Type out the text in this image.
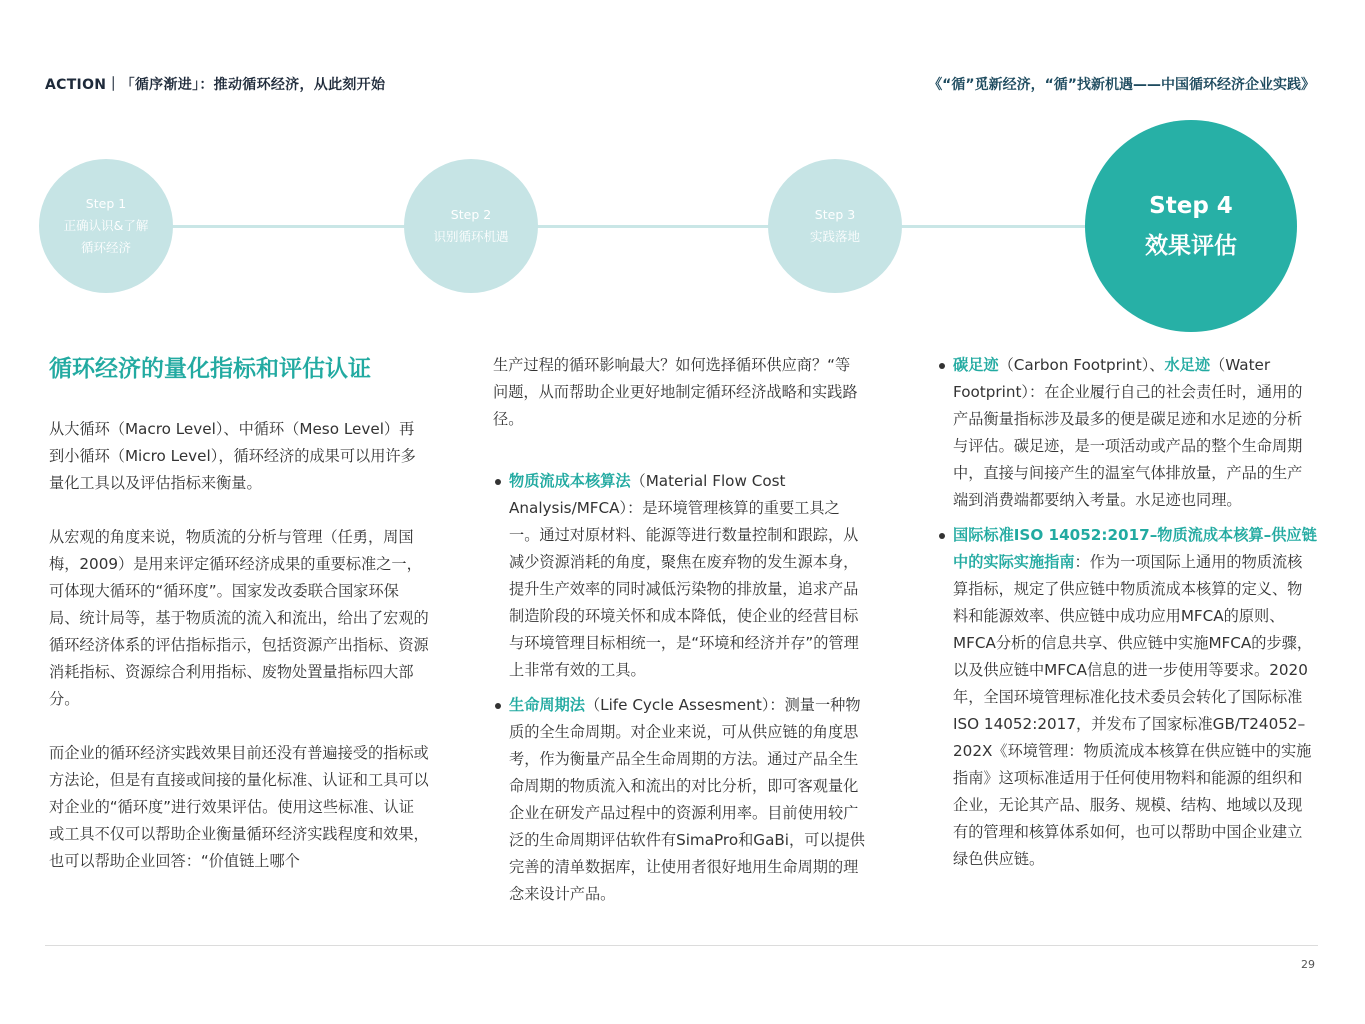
ACTION｜「循序渐进」：推动循环经济，从此刻开始	《“循”觅新经济，“循”找新机遇——中国循环经济企业实践》
Step 1
正确认识&了解
循环经济
Step 2
识别循环机遇
Step 3
实践落地
Step 4
效果评估

循环经济的量化指标和评估认证

从大循环（Macro Level）、中循环（Meso Level）再到小循环（Micro Level），循环经济的成果可以用许多量化工具以及评估指标来衡量。

从宏观的角度来说，物质流的分析与管理（任勇，周国梅，2009）是用来评定循环经济成果的重要标准之一，可体现大循环的“循环度”。国家发改委联合国家环保局、统计局等，基于物质流的流入和流出，给出了宏观的循环经济体系的评估指标指示，包括资源产出指标、资源消耗指标、资源综合利用指标、废物处置量指标四大部分。

而企业的循环经济实践效果目前还没有普遍接受的指标或方法论，但是有直接或间接的量化标准、认证和工具可以对企业的“循环度”进行效果评估。使用这些标准、认证或工具不仅可以帮助企业衡量循环经济实践程度和效果，也可以帮助企业回答：“价值链上哪个

生产过程的循环影响最大？如何选择循环供应商？“等问题，从而帮助企业更好地制定循环经济战略和实践路径。

物质流成本核算法（Material Flow Cost Analysis/MFCA）：是环境管理核算的重要工具之一。通过对原材料、能源等进行数量控制和跟踪，从减少资源消耗的角度，聚焦在废弃物的发生源本身，提升生产效率的同时减低污染物的排放量，追求产品制造阶段的环境关怀和成本降低，使企业的经营目标与环境管理目标相统一，是“环境和经济并存”的管理上非常有效的工具。

生命周期法（Life Cycle Assesment）：测量一种物质的全生命周期。对企业来说，可从供应链的角度思考，作为衡量产品全生命周期的方法。通过产品全生命周期的物质流入和流出的对比分析，即可客观量化企业在研发产品过程中的资源利用率。目前使用较广泛的生命周期评估软件有SimaPro和GaBi，可以提供完善的清单数据库，让使用者很好地用生命周期的理念来设计产品。

碳足迹（Carbon Footprint）、水足迹（Water Footprint）：在企业履行自己的社会责任时，通用的产品衡量指标涉及最多的便是碳足迹和水足迹的分析与评估。碳足迹，是一项活动或产品的整个生命周期中，直接与间接产生的温室气体排放量，产品的生产端到消费端都要纳入考量。水足迹也同理。

国际标准ISO 14052:2017–物质流成本核算–供应链中的实际实施指南：作为一项国际上通用的物质流核算指标，规定了供应链中物质流成本核算的定义、物料和能源效率、供应链中成功应用MFCA的原则、MFCA分析的信息共享、供应链中实施MFCA的步骤，以及供应链中MFCA信息的进一步使用等要求。2020年，全国环境管理标准化技术委员会转化了国际标准ISO 14052:2017，并发布了国家标准GB/T24052–202X《环境管理：物质流成本核算在供应链中的实施指南》这项标准适用于任何使用物料和能源的组织和企业，无论其产品、服务、规模、结构、地域以及现有的管理和核算体系如何，也可以帮助中国企业建立绿色供应链。

29
